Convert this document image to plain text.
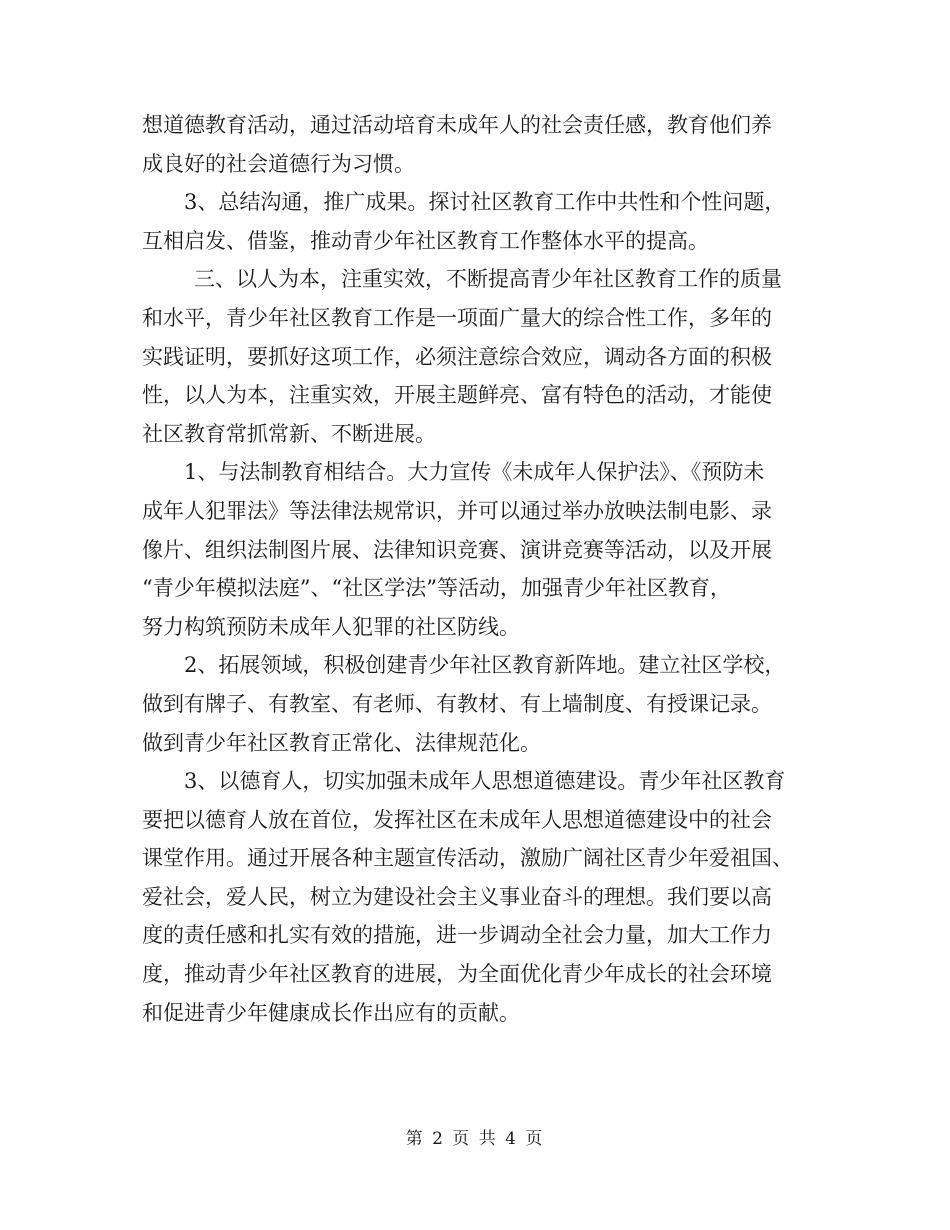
想道德教育活动，通过活动培育未成年人的社会责任感，教育他们养
成良好的社会道德行为习惯。
3、总结沟通，推广成果。探讨社区教育工作中共性和个性问题，
互相启发、借鉴，推动青少年社区教育工作整体水平的提高。
三、以人为本，注重实效，不断提高青少年社区教育工作的质量
和水平，青少年社区教育工作是一项面广量大的综合性工作，多年的
实践证明，要抓好这项工作，必须注意综合效应，调动各方面的积极
性，以人为本，注重实效，开展主题鲜亮、富有特色的活动，才能使
社区教育常抓常新、不断进展。
1、与法制教育相结合。大力宣传《未成年人保护法》、《预防未
成年人犯罪法》等法律法规常识，并可以通过举办放映法制电影、录
像片、组织法制图片展、法律知识竞赛、演讲竞赛等活动，以及开展
“青少年模拟法庭”、“社区学法”等活动，加强青少年社区教育，
努力构筑预防未成年人犯罪的社区防线。
2、拓展领域，积极创建青少年社区教育新阵地。建立社区学校，
做到有牌子、有教室、有老师、有教材、有上墙制度、有授课记录。
做到青少年社区教育正常化、法律规范化。
3、以德育人，切实加强未成年人思想道德建设。青少年社区教育
要把以德育人放在首位，发挥社区在未成年人思想道德建设中的社会
课堂作用。通过开展各种主题宣传活动，激励广阔社区青少年爱祖国、
爱社会，爱人民，树立为建设社会主义事业奋斗的理想。我们要以高
度的责任感和扎实有效的措施，进一步调动全社会力量，加大工作力
度，推动青少年社区教育的进展，为全面优化青少年成长的社会环境
和促进青少年健康成长作出应有的贡献。
第 2 页 共 4 页
